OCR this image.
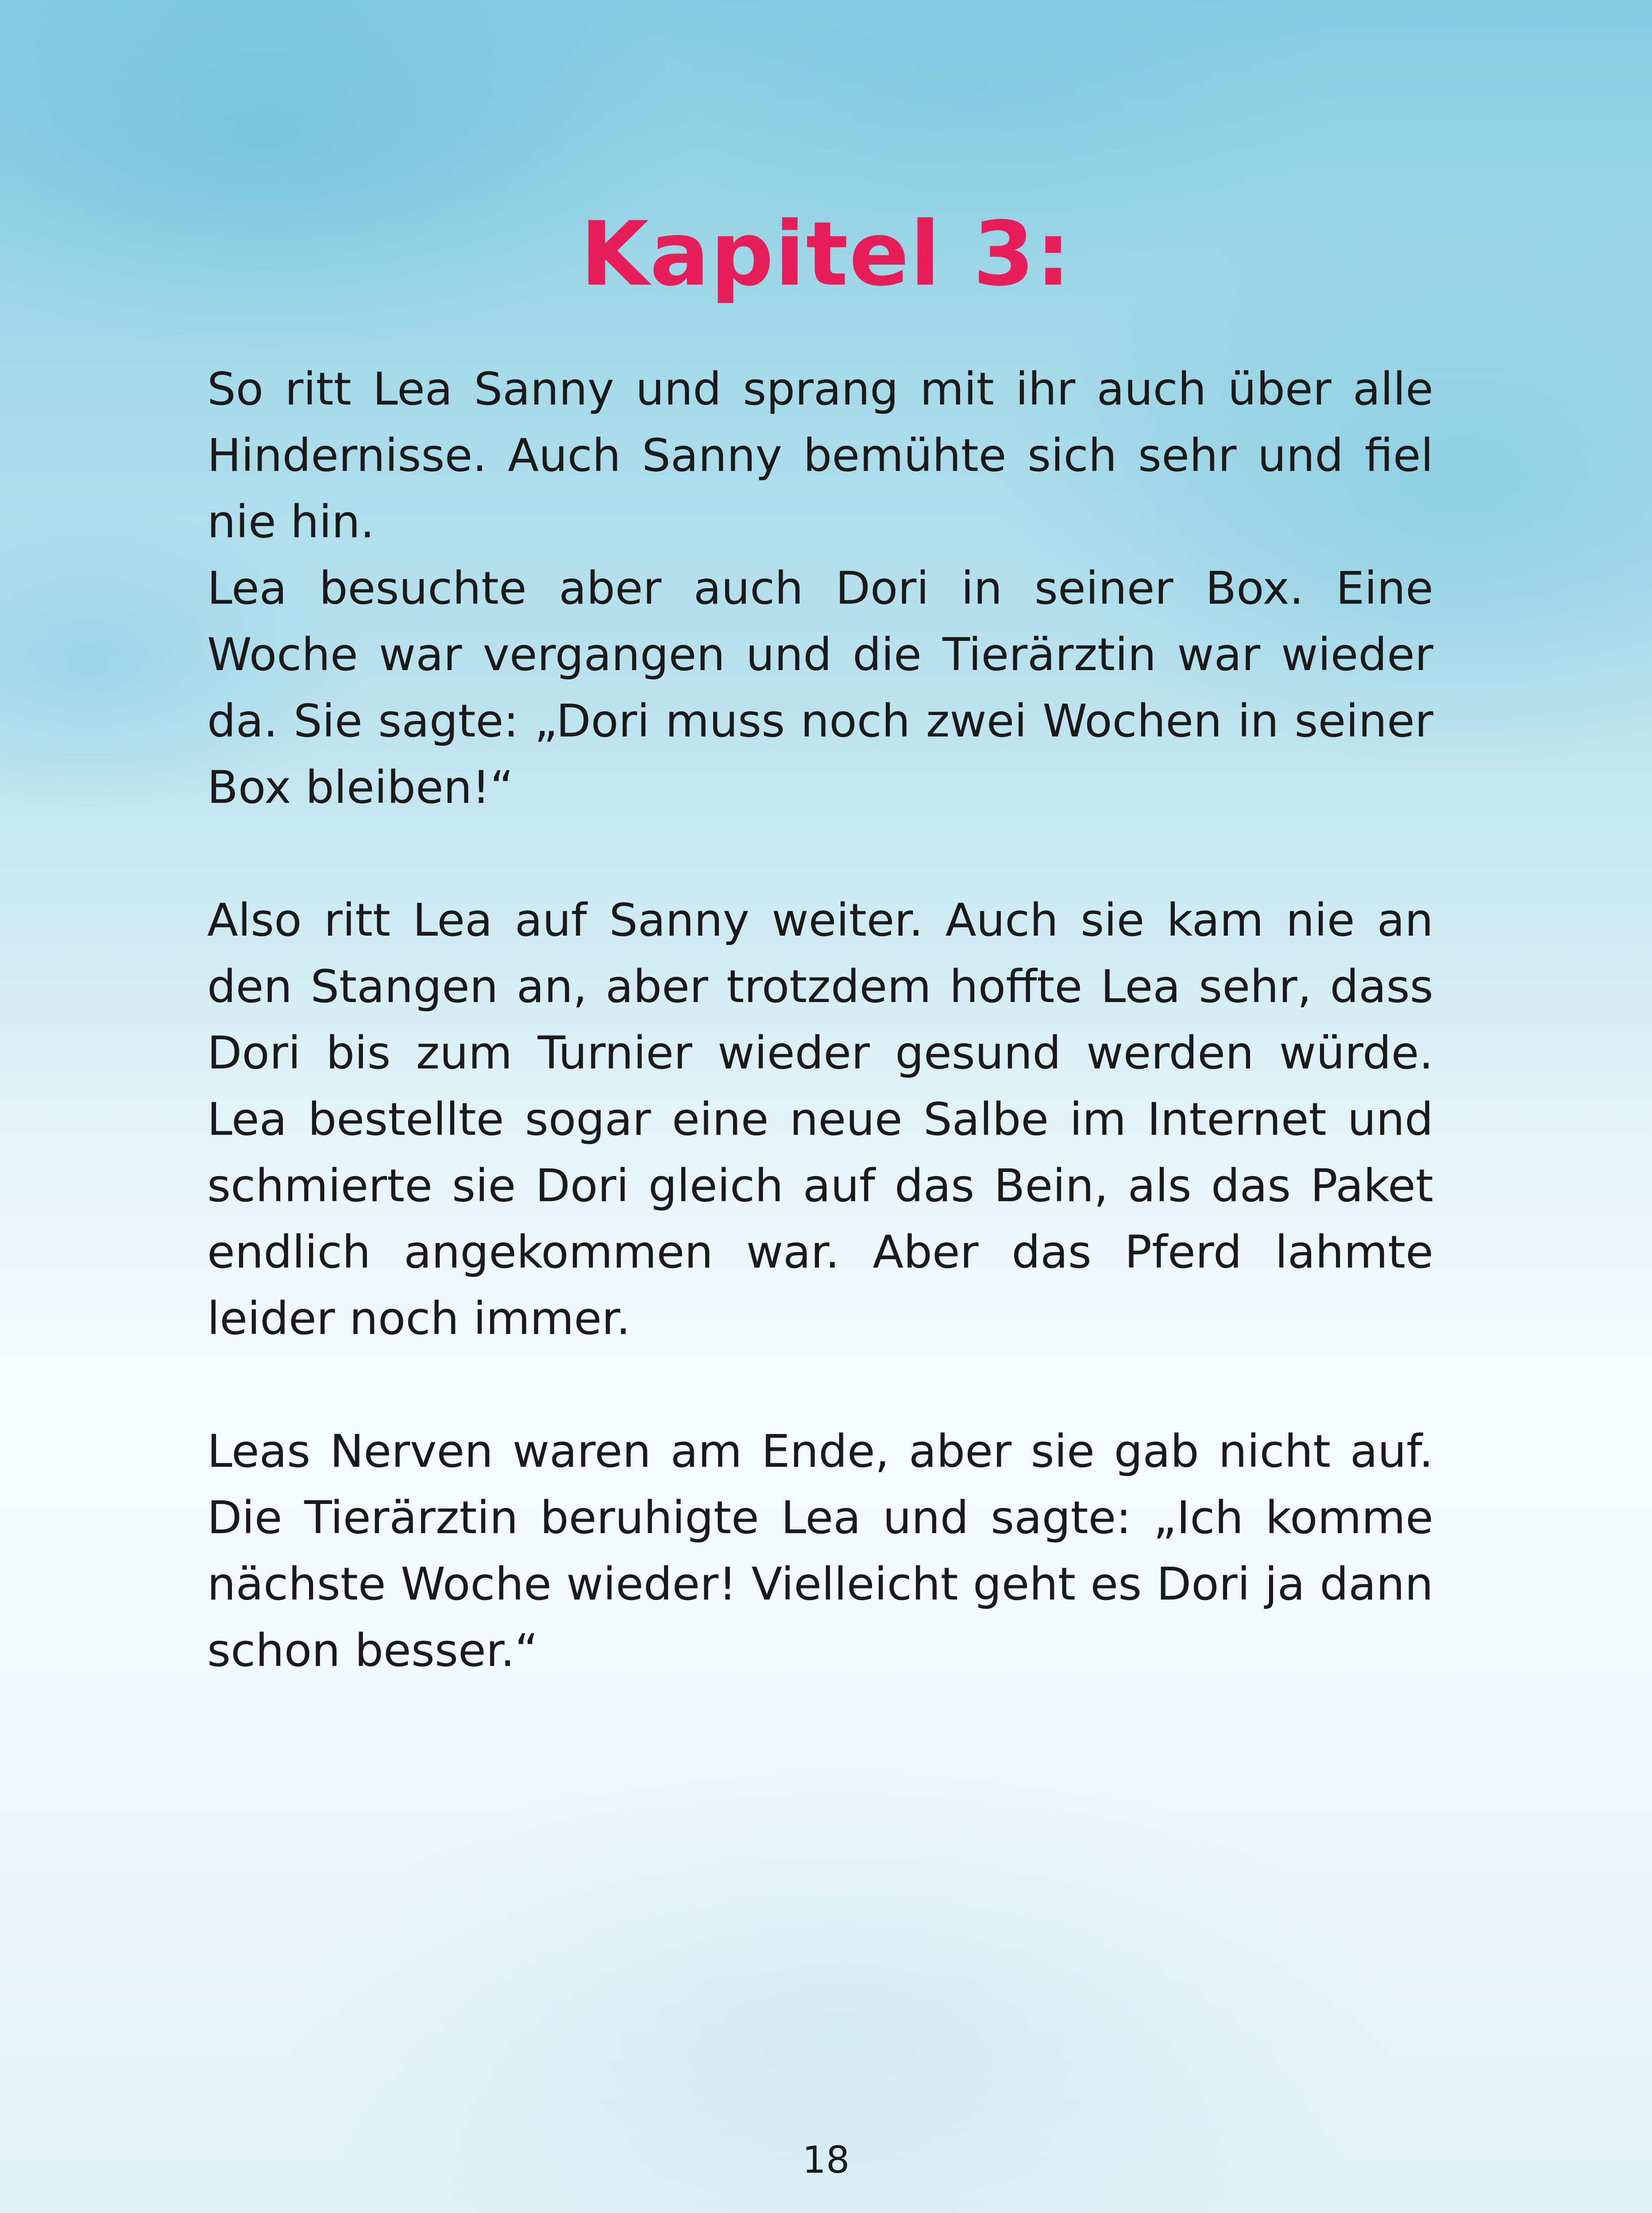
Kapitel 3:

So ritt Lea Sanny und sprang mit ihr auch über alle Hindernisse. Auch Sanny bemühte sich sehr und fiel nie hin.

Lea besuchte aber auch Dori in seiner Box. Eine Woche war vergangen und die Tierärztin war wieder da. Sie sagte: „Dori muss noch zwei Wochen in seiner Box bleiben!“

Also ritt Lea auf Sanny weiter. Auch sie kam nie an den Stangen an, aber trotzdem hoffte Lea sehr, dass Dori bis zum Turnier wieder gesund werden würde. Lea bestellte sogar eine neue Salbe im Internet und schmierte sie Dori gleich auf das Bein, als das Paket endlich angekommen war. Aber das Pferd lahmte leider noch immer.

Leas Nerven waren am Ende, aber sie gab nicht auf. Die Tierärztin beruhigte Lea und sagte: „Ich komme nächste Woche wieder! Vielleicht geht es Dori ja dann schon besser.“

18
